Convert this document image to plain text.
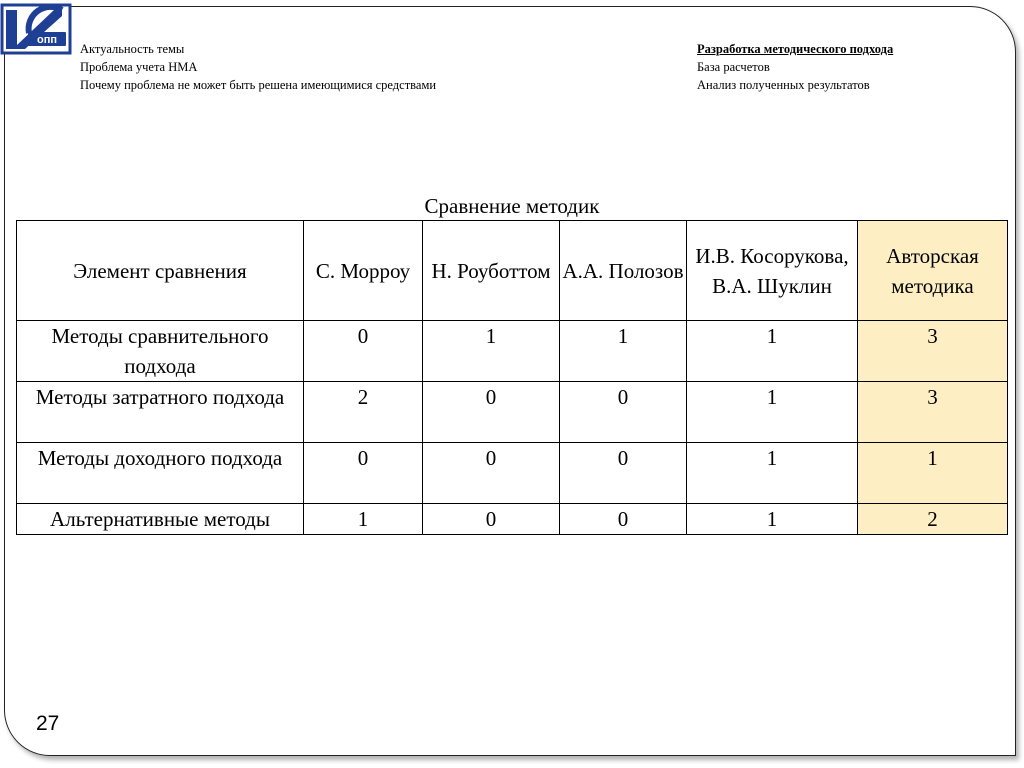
опп
Актуальность темы
Проблема учета НМА
Почему проблема не может быть решена имеющимися средствами
Разработка методического подхода
База расчетов
Анализ полученных результатов
Сравнение методик
Элемент сравнения	С. Морроу	Н. Роуботтом	А.А. Полозов	И.В. Косорукова, В.А. Шуклин	Авторская методика
Методы сравнительного подхода	0	1	1	1	3
Методы затратного подхода	2	0	0	1	3
Методы доходного подхода	0	0	0	1	1
Альтернативные методы	1	0	0	1	2
27
